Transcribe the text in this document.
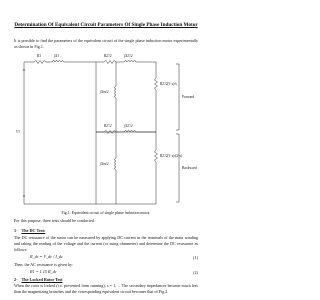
Determination Of Equivalent Circuit Parameters Of Single Phase Induction Motor
It is possible to find the parameters of the equivalent circuit of the single phase induction motor experimentally as shown in Fig.1.
R1	jX1
V1
R2'/2	jX2'/2
jXm/2
R2'/2(1-s)/s
R2'/2	jX2'/2
jXm/2
R2'/2(1-s)/(2-s)
Forward
Backward
Fig.1: Equivalent circuit of single phase induction motor.
For this purpose, three tests should be conducted:
1- The DC Test:
The DC resistance of the stator can be measured by applying DC current in the terminals of the main winding and taking the reading of the voltage and the current (or using ohmmeter) and determine the DC resistance as follows:
R_dc = V_dc / I_dc	(1)
Then, the AC resistance is given by:
R1 = 1.15 R_dc	(2)
2- The Locked Rotor Test
When the rotor is locked (i.e. prevented from running), s = 1, ... The secondary impedances become much less than the magnetizing branches and the corresponding equivalent circuit becomes that of Fig.2.
